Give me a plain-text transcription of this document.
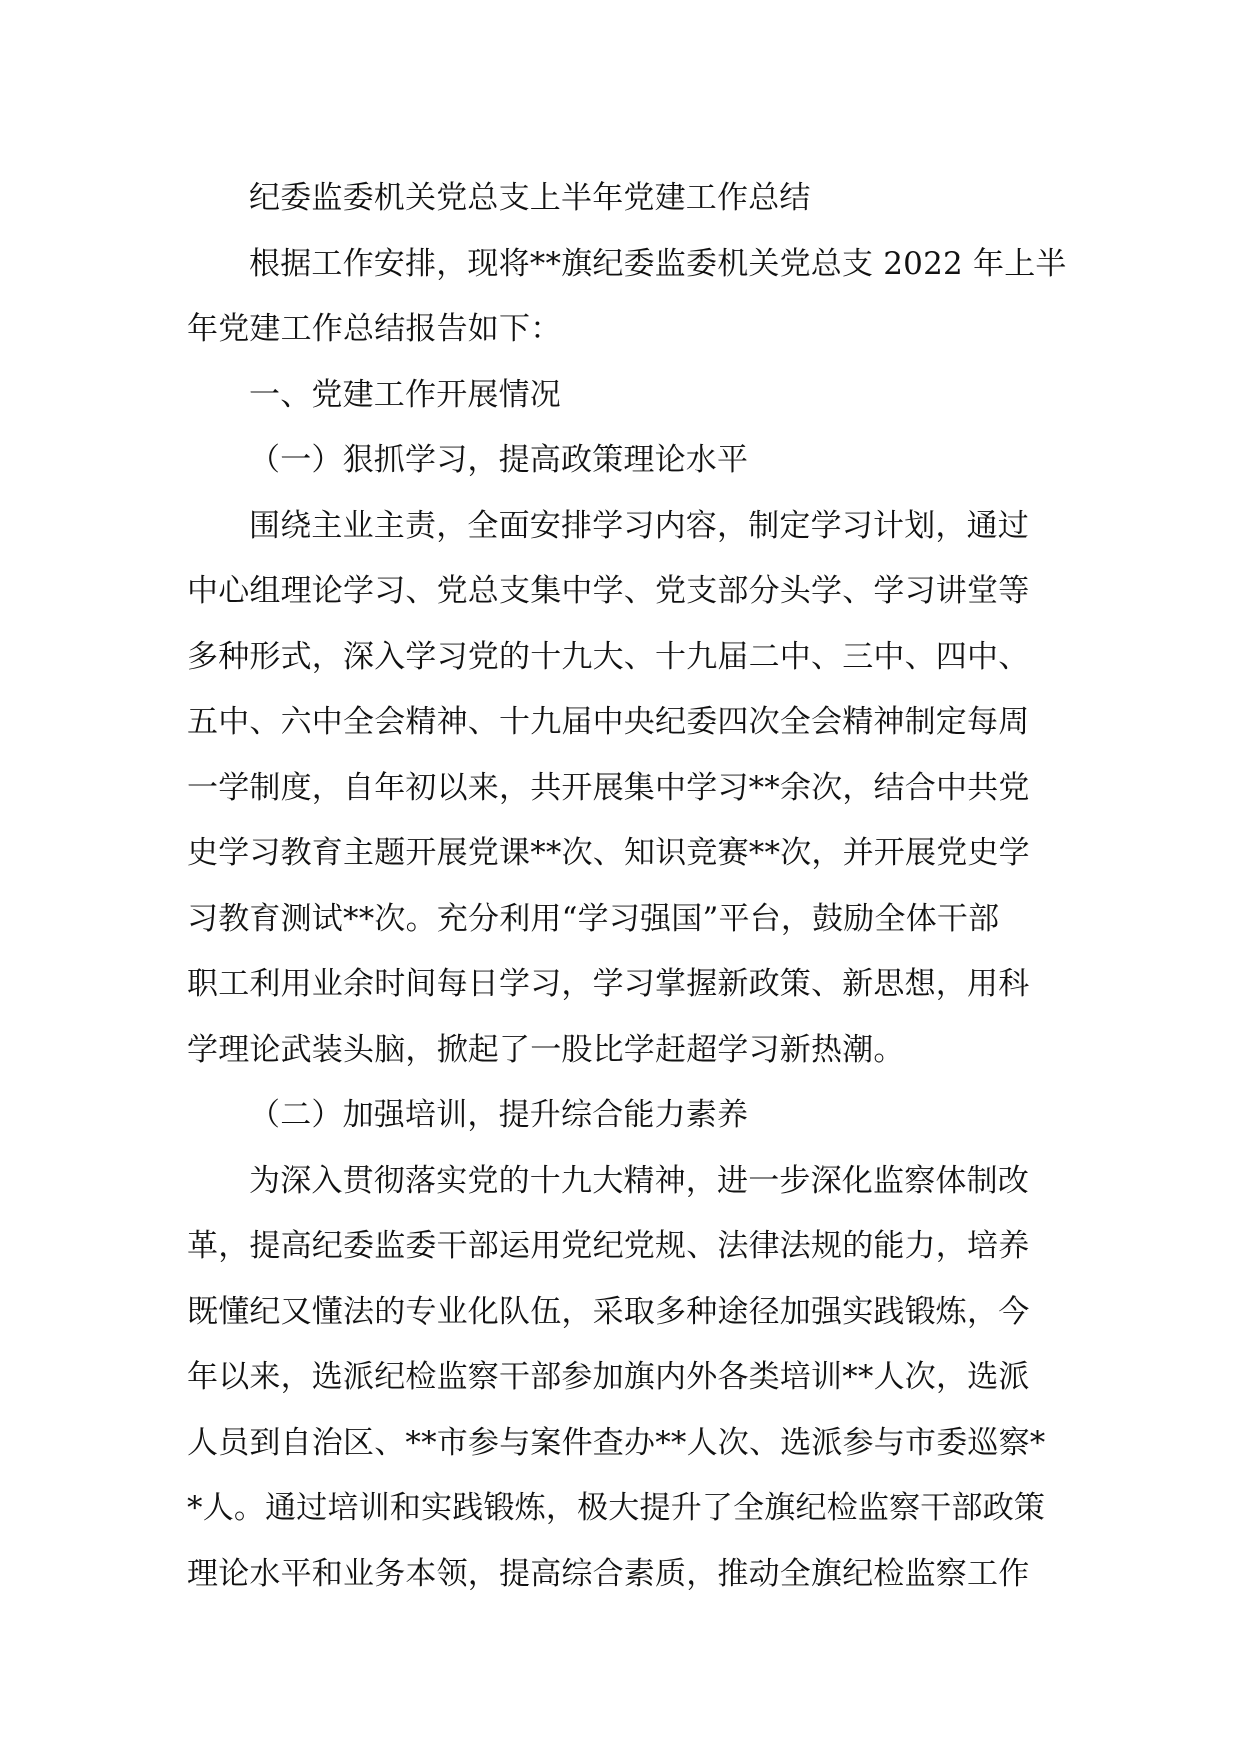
纪委监委机关党总支上半年党建工作总结
根据工作安排，现将**旗纪委监委机关党总支 2022 年上半
年党建工作总结报告如下：
一、党建工作开展情况
（一）狠抓学习，提高政策理论水平
围绕主业主责，全面安排学习内容，制定学习计划，通过
中心组理论学习、党总支集中学、党支部分头学、学习讲堂等
多种形式，深入学习党的十九大、十九届二中、三中、四中、
五中、六中全会精神、十九届中央纪委四次全会精神制定每周
一学制度，自年初以来，共开展集中学习**余次，结合中共党
史学习教育主题开展党课**次、知识竞赛**次，并开展党史学
习教育测试**次。充分利用“学习强国”平台，鼓励全体干部
职工利用业余时间每日学习，学习掌握新政策、新思想，用科
学理论武装头脑，掀起了一股比学赶超学习新热潮。
（二）加强培训，提升综合能力素养
为深入贯彻落实党的十九大精神，进一步深化监察体制改
革，提高纪委监委干部运用党纪党规、法律法规的能力，培养
既懂纪又懂法的专业化队伍，采取多种途径加强实践锻炼，今
年以来，选派纪检监察干部参加旗内外各类培训**人次，选派
人员到自治区、**市参与案件查办**人次、选派参与市委巡察*
*人。通过培训和实践锻炼，极大提升了全旗纪检监察干部政策
理论水平和业务本领，提高综合素质，推动全旗纪检监察工作
